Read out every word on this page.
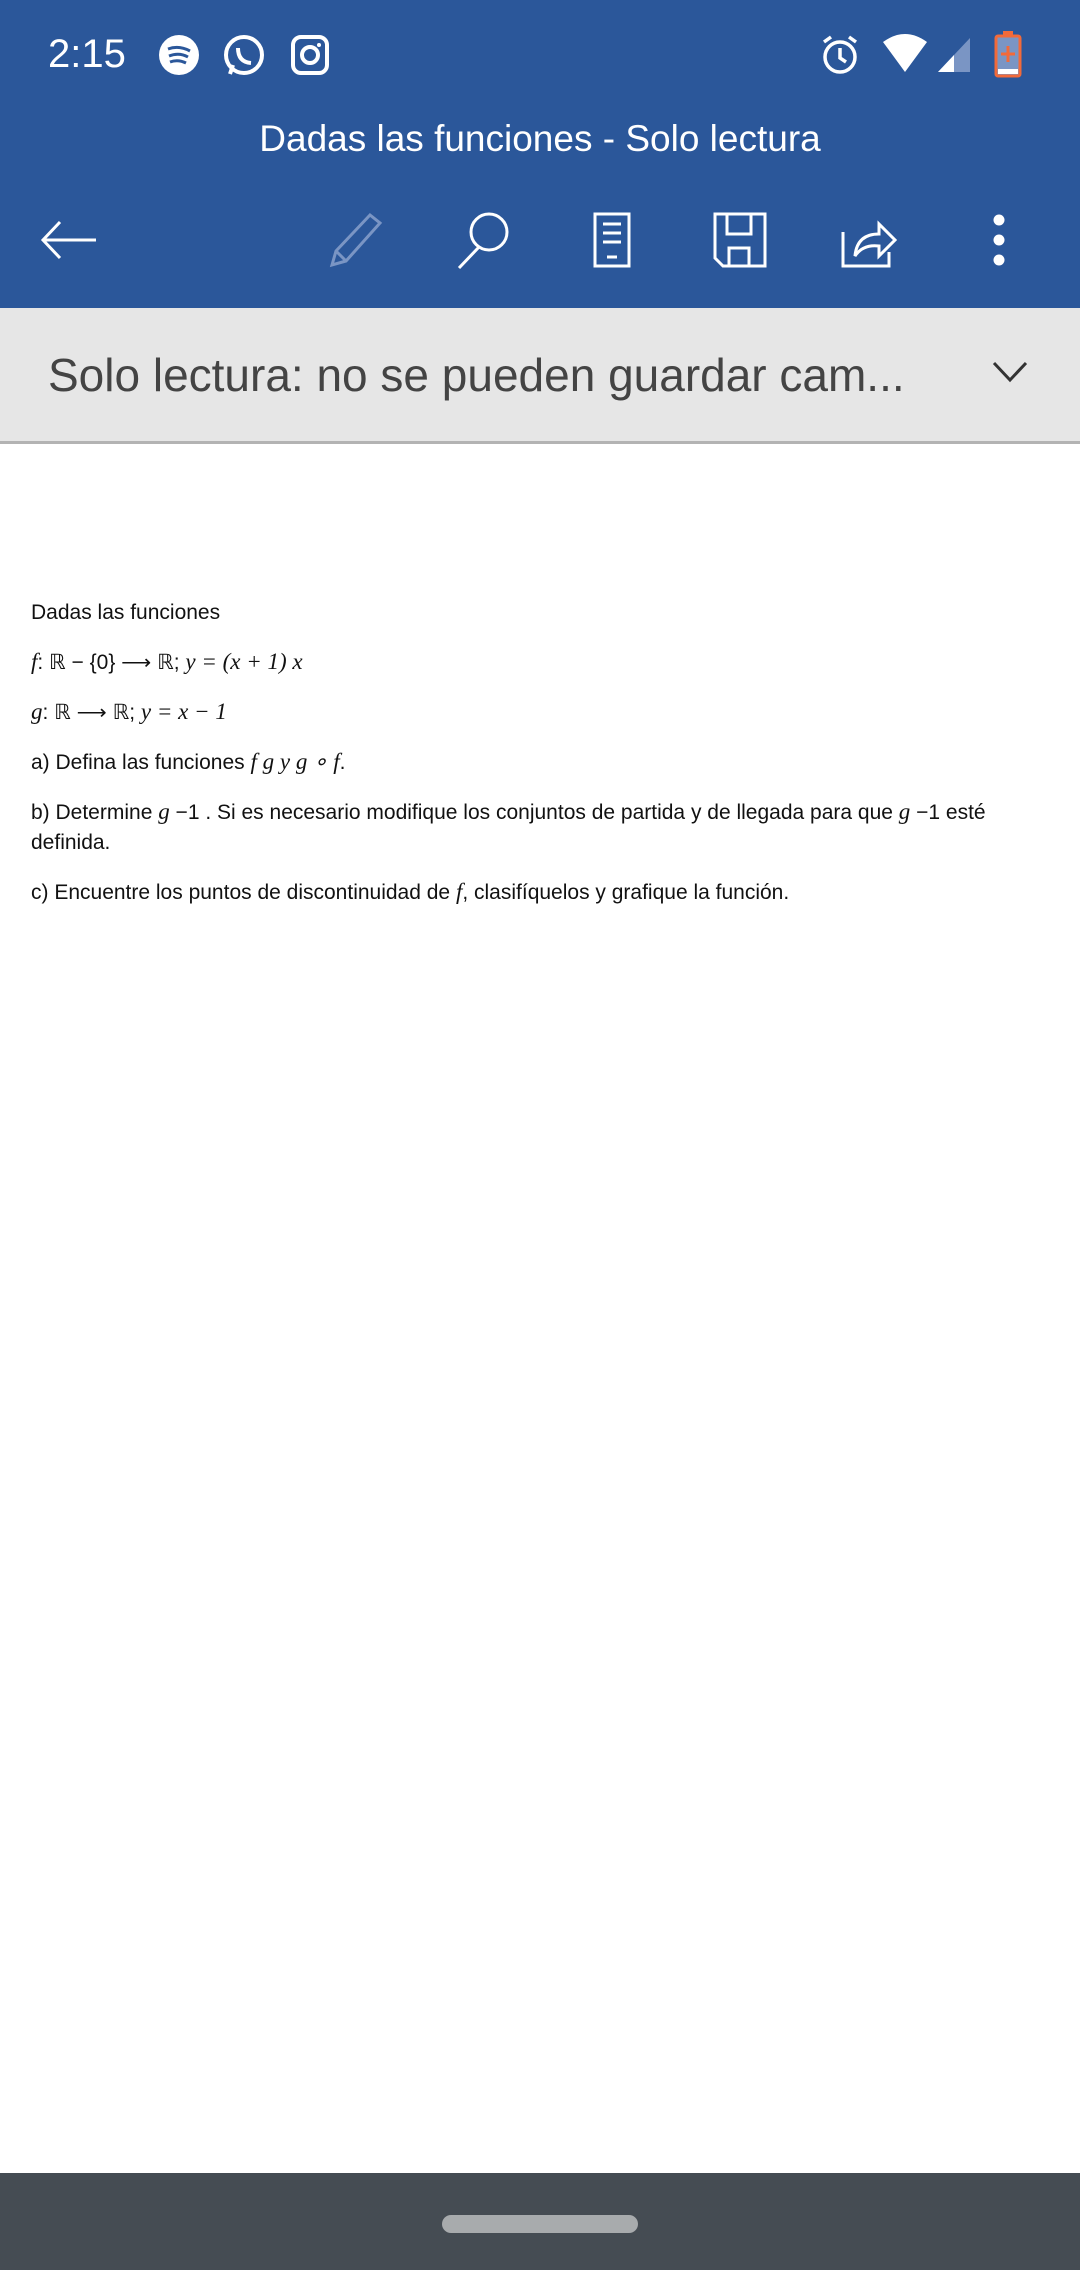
2:15
Dadas las funciones - Solo lectura
Solo lectura: no se pueden guardar cam...

Dadas las funciones

f: ℝ − {0} ⟶ ℝ; y = (x + 1) x

g: ℝ ⟶ ℝ; y = x − 1

a) Defina las funciones f g y g ∘ f.

b) Determine g −1 . Si es necesario modifique los conjuntos de partida y de llegada para que g −1 esté definida.

c) Encuentre los puntos de discontinuidad de f, clasifíquelos y grafique la función.
